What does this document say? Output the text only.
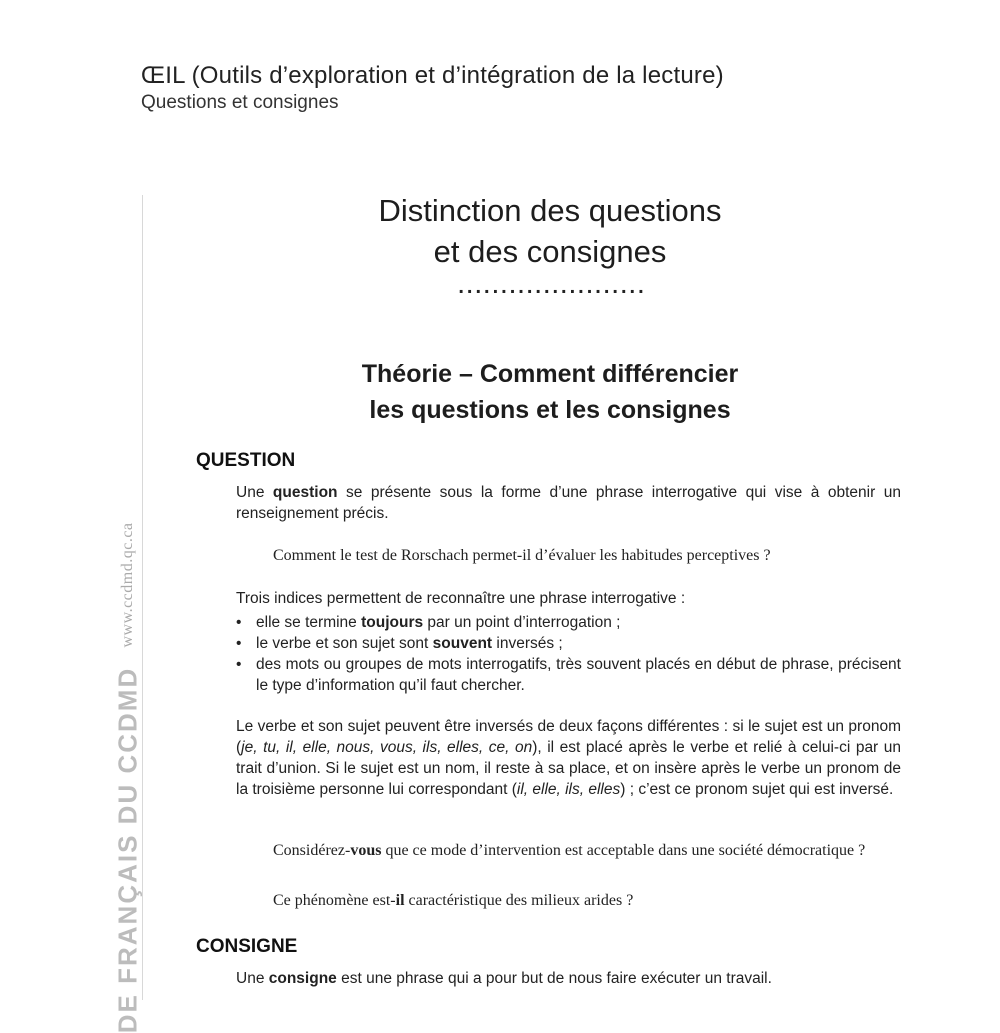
ŒIL (Outils d’exploration et d’intégration de la lecture)
Questions et consignes
www.ccdmd.qc.ca
DE FRANÇAIS DU CCDMD
Distinction des questions
et des consignes
......................
Théorie – Comment différencier
les questions et les consignes
QUESTION
Une question se présente sous la forme d’une phrase interrogative qui vise à obtenir un renseignement précis.
Comment le test de Rorschach permet-il d’évaluer les habitudes perceptives ?
Trois indices permettent de reconnaître une phrase interrogative :
• elle se termine toujours par un point d’interrogation ;
• le verbe et son sujet sont souvent inversés ;
• des mots ou groupes de mots interrogatifs, très souvent placés en début de phrase, précisent le type d’information qu’il faut chercher.
Le verbe et son sujet peuvent être inversés de deux façons différentes : si le sujet est un pronom (je, tu, il, elle, nous, vous, ils, elles, ce, on), il est placé après le verbe et relié à celui-ci par un trait d’union. Si le sujet est un nom, il reste à sa place, et on insère après le verbe un pronom de la troisième personne lui correspondant (il, elle, ils, elles) ; c’est ce pronom sujet qui est inversé.
Considérez-vous que ce mode d’intervention est acceptable dans une société démocratique ?
Ce phénomène est-il caractéristique des milieux arides ?
CONSIGNE
Une consigne est une phrase qui a pour but de nous faire exécuter un travail.
